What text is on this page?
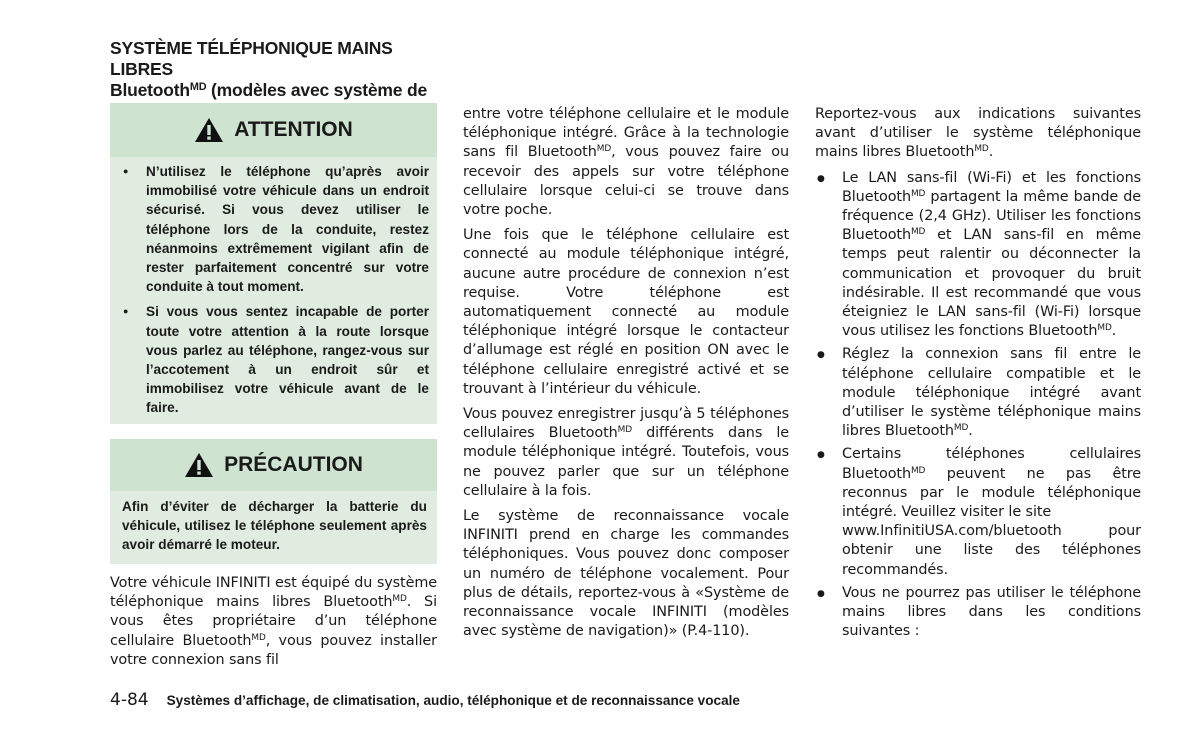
SYSTÈME TÉLÉPHONIQUE MAINS LIBRES
Bluetooth$^{MD}$ (modèles avec système de
ATTENTION
● N’utilisez le téléphone qu’après avoir immobilisé votre véhicule dans un endroit sécurisé. Si vous devez utiliser le téléphone lors de la conduite, restez néanmoins extrêmement vigilant afin de rester parfaitement concentré sur votre conduite à tout moment.
● Si vous vous sentez incapable de porter toute votre attention à la route lorsque vous parlez au téléphone, rangez-vous sur l’accotement à un endroit sûr et immobilisez votre véhicule avant de le faire.
PRÉCAUTION
Afin d’éviter de décharger la batterie du véhicule, utilisez le téléphone seulement après avoir démarré le moteur.

Votre véhicule INFINITI est équipé du système téléphonique mains libres Bluetooth$^{MD}$. Si vous êtes propriétaire d’un téléphone cellulaire Bluetooth$^{MD}$, vous pouvez installer votre connexion sans fil

entre votre téléphone cellulaire et le module téléphonique intégré. Grâce à la technologie sans fil Bluetooth$^{MD}$, vous pouvez faire ou recevoir des appels sur votre téléphone cellulaire lorsque celui-ci se trouve dans votre poche.

Une fois que le téléphone cellulaire est connecté au module téléphonique intégré, aucune autre procédure de connexion n’est requise. Votre téléphone est automatiquement connecté au module téléphonique intégré lorsque le contacteur d’allumage est réglé en position ON avec le téléphone cellulaire enregistré activé et se trouvant à l’intérieur du véhicule.

Vous pouvez enregistrer jusqu’à 5 téléphones cellulaires Bluetooth$^{MD}$ différents dans le module téléphonique intégré. Toutefois, vous ne pouvez parler que sur un téléphone cellulaire à la fois.

Le système de reconnaissance vocale INFINITI prend en charge les commandes téléphoniques. Vous pouvez donc composer un numéro de téléphone vocalement. Pour plus de détails, reportez-vous à «Système de reconnaissance vocale INFINITI (modèles avec système de navigation)» (P.4-110).

Reportez-vous aux indications suivantes avant d’utiliser le système téléphonique mains libres Bluetooth$^{MD}$.

● Le LAN sans-fil (Wi-Fi) et les fonctions Bluetooth$^{MD}$ partagent la même bande de fréquence (2,4 GHz). Utiliser les fonctions Bluetooth$^{MD}$ et LAN sans-fil en même temps peut ralentir ou déconnecter la communication et provoquer du bruit indésirable. Il est recommandé que vous éteigniez le LAN sans-fil (Wi-Fi) lorsque vous utilisez les fonctions Bluetooth$^{MD}$.
● Réglez la connexion sans fil entre le téléphone cellulaire compatible et le module téléphonique intégré avant d’utiliser le système téléphonique mains libres Bluetooth$^{MD}$.
● Certains téléphones cellulaires Bluetooth$^{MD}$ peuvent ne pas être reconnus par le module téléphonique intégré. Veuillez visiter le site
www.InfinitiUSA.com/bluetooth	pour
obtenir une liste des téléphones recommandés.
● Vous ne pourrez pas utiliser le téléphone mains libres dans les conditions suivantes :
4-84 Systèmes d’affichage, de climatisation, audio, téléphonique et de reconnaissance vocale
